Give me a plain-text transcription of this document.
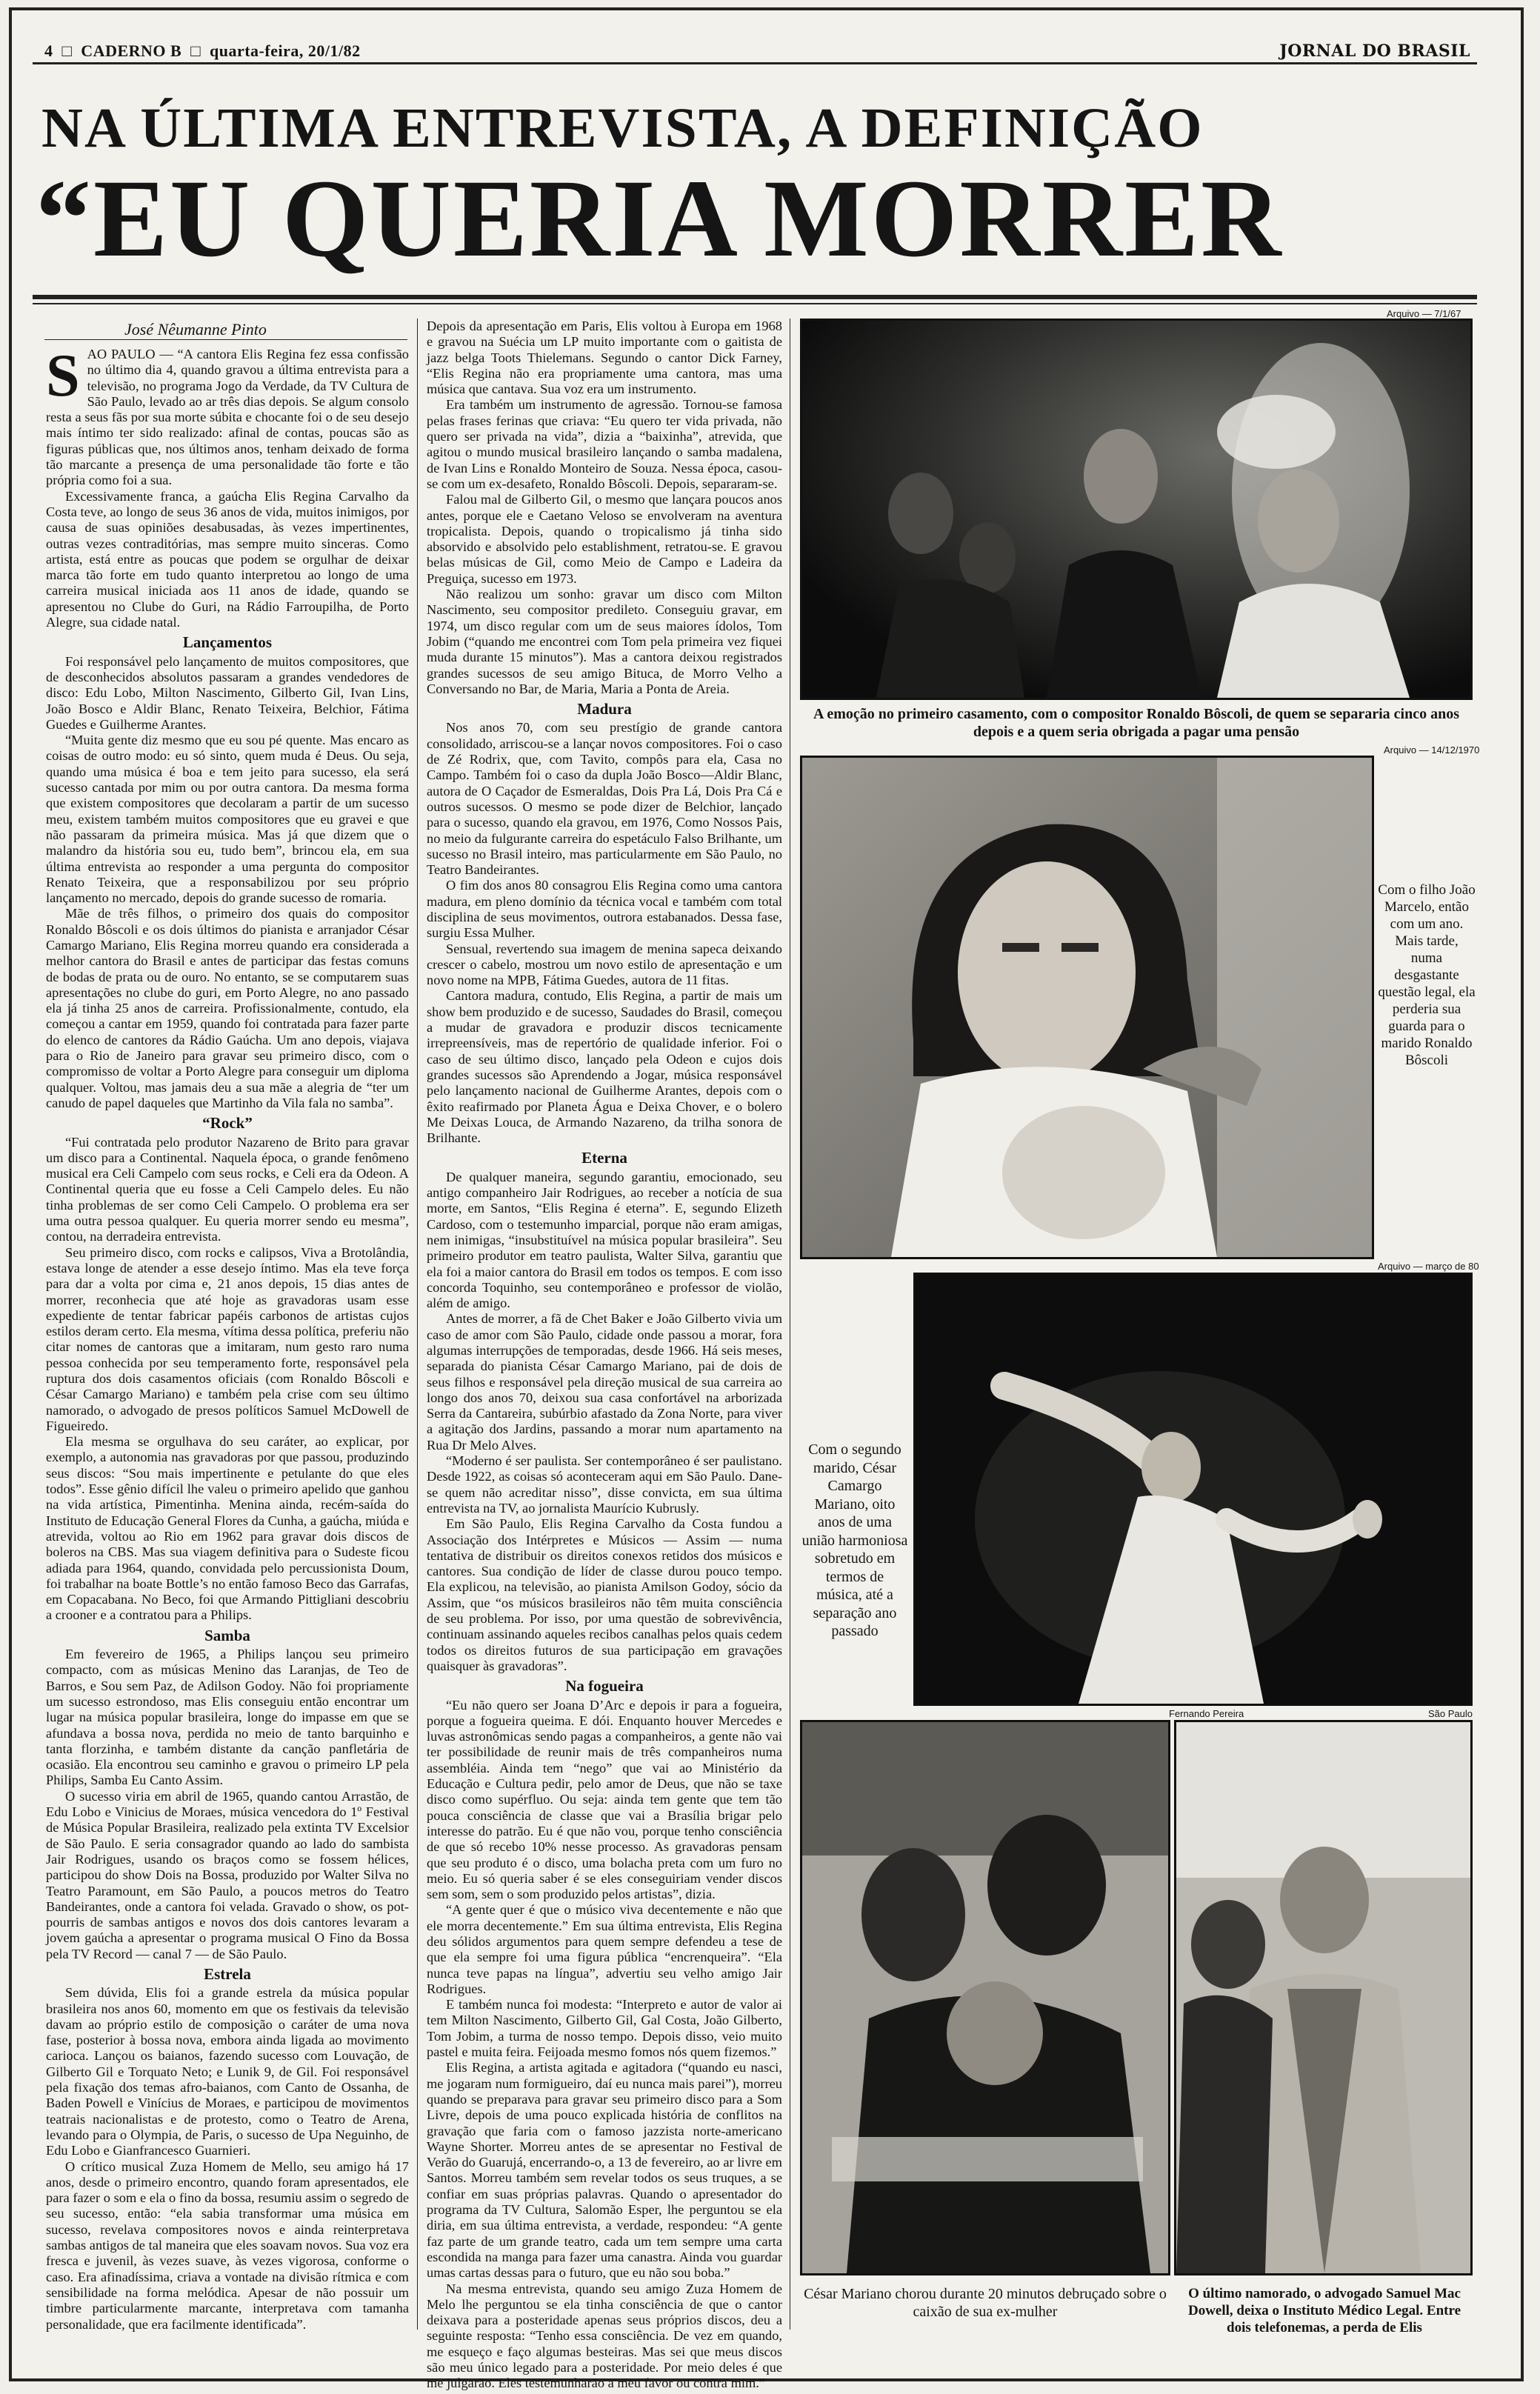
4  □  CADERNO B  □  quarta-feira, 20/1/82	JORNAL DO BRASIL
NA ÚLTIMA ENTREVISTA, A DEFINIÇÃO
“EU QUERIA MORRER
José Nêumanne Pinto

SAO PAULO — “A cantora Elis Regina fez essa confissão no último dia 4, quando gravou a última entrevista para a televisão, no programa Jogo da Verdade, da TV Cultura de São Paulo, levado ao ar três dias depois. Se algum consolo resta a seus fãs por sua morte súbita e chocante foi o de seu desejo mais íntimo ter sido realizado: afinal de contas, poucas são as figuras públicas que, nos últimos anos, tenham deixado de forma tão marcante a presença de uma personalidade tão forte e tão própria como foi a sua.

Excessivamente franca, a gaúcha Elis Regina Carvalho da Costa teve, ao longo de seus 36 anos de vida, muitos inimigos, por causa de suas opiniões desabusadas, às vezes impertinentes, outras vezes contraditórias, mas sempre muito sinceras. Como artista, está entre as poucas que podem se orgulhar de deixar marca tão forte em tudo quanto interpretou ao longo de uma carreira musical iniciada aos 11 anos de idade, quando se apresentou no Clube do Guri, na Rádio Farroupilha, de Porto Alegre, sua cidade natal.

Lançamentos

Foi responsável pelo lançamento de muitos compositores, que de desconhecidos absolutos passaram a grandes vendedores de disco: Edu Lobo, Milton Nascimento, Gilberto Gil, Ivan Lins, João Bosco e Aldir Blanc, Renato Teixeira, Belchior, Fátima Guedes e Guilherme Arantes.

“Muita gente diz mesmo que eu sou pé quente. Mas encaro as coisas de outro modo: eu só sinto, quem muda é Deus. Ou seja, quando uma música é boa e tem jeito para sucesso, ela será sucesso cantada por mim ou por outra cantora. Da mesma forma que existem compositores que decolaram a partir de um sucesso meu, existem também muitos compositores que eu gravei e que não passaram da primeira música. Mas já que dizem que o malandro da história sou eu, tudo bem”, brincou ela, em sua última entrevista ao responder a uma pergunta do compositor Renato Teixeira, que a responsabilizou por seu próprio lançamento no mercado, depois do grande sucesso de romaria.

Mãe de três filhos, o primeiro dos quais do compositor Ronaldo Bôscoli e os dois últimos do pianista e arranjador César Camargo Mariano, Elis Regina morreu quando era considerada a melhor cantora do Brasil e antes de participar das festas comuns de bodas de prata ou de ouro. No entanto, se se computarem suas apresentações no clube do guri, em Porto Alegre, no ano passado ela já tinha 25 anos de carreira. Profissionalmente, contudo, ela começou a cantar em 1959, quando foi contratada para fazer parte do elenco de cantores da Rádio Gaúcha. Um ano depois, viajava para o Rio de Janeiro para gravar seu primeiro disco, com o compromisso de voltar a Porto Alegre para conseguir um diploma qualquer. Voltou, mas jamais deu a sua mãe a alegria de “ter um canudo de papel daqueles que Martinho da Vila fala no samba”.

“Rock”

“Fui contratada pelo produtor Nazareno de Brito para gravar um disco para a Continental. Naquela época, o grande fenômeno musical era Celi Campelo com seus rocks, e Celi era da Odeon. A Continental queria que eu fosse a Celi Campelo deles. Eu não tinha problemas de ser como Celi Campelo. O problema era ser uma outra pessoa qualquer. Eu queria morrer sendo eu mesma”, contou, na derradeira entrevista.

Seu primeiro disco, com rocks e calipsos, Viva a Brotolândia, estava longe de atender a esse desejo íntimo. Mas ela teve força para dar a volta por cima e, 21 anos depois, 15 dias antes de morrer, reconhecia que até hoje as gravadoras usam esse expediente de tentar fabricar papéis carbonos de artistas cujos estilos deram certo. Ela mesma, vítima dessa política, preferiu não citar nomes de cantoras que a imitaram, num gesto raro numa pessoa conhecida por seu temperamento forte, responsável pela ruptura dos dois casamentos oficiais (com Ronaldo Bôscoli e César Camargo Mariano) e também pela crise com seu último namorado, o advogado de presos políticos Samuel McDowell de Figueiredo.

Ela mesma se orgulhava do seu caráter, ao explicar, por exemplo, a autonomia nas gravadoras por que passou, produzindo seus discos: “Sou mais impertinente e petulante do que eles todos”. Esse gênio difícil lhe valeu o primeiro apelido que ganhou na vida artística, Pimentinha. Menina ainda, recém-saída do Instituto de Educação General Flores da Cunha, a gaúcha, miúda e atrevida, voltou ao Rio em 1962 para gravar dois discos de boleros na CBS. Mas sua viagem definitiva para o Sudeste ficou adiada para 1964, quando, convidada pelo percussionista Doum, foi trabalhar na boate Bottle’s no então famoso Beco das Garrafas, em Copacabana. No Beco, foi que Armando Pittigliani descobriu a crooner e a contratou para a Philips.

Samba

Em fevereiro de 1965, a Philips lançou seu primeiro compacto, com as músicas Menino das Laranjas, de Teo de Barros, e Sou sem Paz, de Adilson Godoy. Não foi propriamente um sucesso estrondoso, mas Elis conseguiu então encontrar um lugar na música popular brasileira, longe do impasse em que se afundava a bossa nova, perdida no meio de tanto barquinho e tanta florzinha, e também distante da canção panfletária de ocasião. Ela encontrou seu caminho e gravou o primeiro LP pela Philips, Samba Eu Canto Assim.

O sucesso viria em abril de 1965, quando cantou Arrastão, de Edu Lobo e Vinicius de Moraes, música vencedora do 1º Festival de Música Popular Brasileira, realizado pela extinta TV Excelsior de São Paulo. E seria consagrador quando ao lado do sambista Jair Rodrigues, usando os braços como se fossem hélices, participou do show Dois na Bossa, produzido por Walter Silva no Teatro Paramount, em São Paulo, a poucos metros do Teatro Bandeirantes, onde a cantora foi velada. Gravado o show, os pot-pourris de sambas antigos e novos dos dois cantores levaram a jovem gaúcha a apresentar o programa musical O Fino da Bossa pela TV Record — canal 7 — de São Paulo.

Estrela

Sem dúvida, Elis foi a grande estrela da música popular brasileira nos anos 60, momento em que os festivais da televisão davam ao próprio estilo de composição o caráter de uma nova fase, posterior à bossa nova, embora ainda ligada ao movimento carioca. Lançou os baianos, fazendo sucesso com Louvação, de Gilberto Gil e Torquato Neto; e Lunik 9, de Gil. Foi responsável pela fixação dos temas afro-baianos, com Canto de Ossanha, de Baden Powell e Vinícius de Moraes, e participou de movimentos teatrais nacionalistas e de protesto, como o Teatro de Arena, levando para o Olympia, de Paris, o sucesso de Upa Neguinho, de Edu Lobo e Gianfrancesco Guarnieri.

O crítico musical Zuza Homem de Mello, seu amigo há 17 anos, desde o primeiro encontro, quando foram apresentados, ele para fazer o som e ela o fino da bossa, resumiu assim o segredo de seu sucesso, então: “ela sabia transformar uma música em sucesso, revelava compositores novos e ainda reinterpretava sambas antigos de tal maneira que eles soavam novos. Sua voz era fresca e juvenil, às vezes suave, às vezes vigorosa, conforme o caso. Era afinadíssima, criava a vontade na divisão rítmica e com sensibilidade na forma melódica. Apesar de não possuir um timbre particularmente marcante, interpretava com tamanha personalidade, que era facilmente identificada”.

Depois da apresentação em Paris, Elis voltou à Europa em 1968 e gravou na Suécia um LP muito importante com o gaitista de jazz belga Toots Thielemans. Segundo o cantor Dick Farney, “Elis Regina não era propriamente uma cantora, mas uma música que cantava. Sua voz era um instrumento.

Era também um instrumento de agressão. Tornou-se famosa pelas frases ferinas que criava: “Eu quero ter vida privada, não quero ser privada na vida”, dizia a “baixinha”, atrevida, que agitou o mundo musical brasileiro lançando o samba madalena, de Ivan Lins e Ronaldo Monteiro de Souza. Nessa época, casou-se com um ex-desafeto, Ronaldo Bôscoli. Depois, separaram-se.

Falou mal de Gilberto Gil, o mesmo que lançara poucos anos antes, porque ele e Caetano Veloso se envolveram na aventura tropicalista. Depois, quando o tropicalismo já tinha sido absorvido e absolvido pelo establishment, retratou-se. E gravou belas músicas de Gil, como Meio de Campo e Ladeira da Preguiça, sucesso em 1973.

Não realizou um sonho: gravar um disco com Milton Nascimento, seu compositor predileto. Conseguiu gravar, em 1974, um disco regular com um de seus maiores ídolos, Tom Jobim (“quando me encontrei com Tom pela primeira vez fiquei muda durante 15 minutos”). Mas a cantora deixou registrados grandes sucessos de seu amigo Bituca, de Morro Velho a Conversando no Bar, de Maria, Maria a Ponta de Areia.

Madura

Nos anos 70, com seu prestígio de grande cantora consolidado, arriscou-se a lançar novos compositores. Foi o caso de Zé Rodrix, que, com Tavito, compôs para ela, Casa no Campo. Também foi o caso da dupla João Bosco—Aldir Blanc, autora de O Caçador de Esmeraldas, Dois Pra Lá, Dois Pra Cá e outros sucessos. O mesmo se pode dizer de Belchior, lançado para o sucesso, quando ela gravou, em 1976, Como Nossos Pais, no meio da fulgurante carreira do espetáculo Falso Brilhante, um sucesso no Brasil inteiro, mas particularmente em São Paulo, no Teatro Bandeirantes.

O fim dos anos 80 consagrou Elis Regina como uma cantora madura, em pleno domínio da técnica vocal e também com total disciplina de seus movimentos, outrora estabanados. Dessa fase, surgiu Essa Mulher.

Sensual, revertendo sua imagem de menina sapeca deixando crescer o cabelo, mostrou um novo estilo de apresentação e um novo nome na MPB, Fátima Guedes, autora de 11 fitas.

Cantora madura, contudo, Elis Regina, a partir de mais um show bem produzido e de sucesso, Saudades do Brasil, começou a mudar de gravadora e produzir discos tecnicamente irrepreensíveis, mas de repertório de qualidade inferior. Foi o caso de seu último disco, lançado pela Odeon e cujos dois grandes sucessos são Aprendendo a Jogar, música responsável pelo lançamento nacional de Guilherme Arantes, depois com o êxito reafirmado por Planeta Água e Deixa Chover, e o bolero Me Deixas Louca, de Armando Nazareno, da trilha sonora de Brilhante.

Eterna

De qualquer maneira, segundo garantiu, emocionado, seu antigo companheiro Jair Rodrigues, ao receber a notícia de sua morte, em Santos, “Elis Regina é eterna”. E, segundo Elizeth Cardoso, com o testemunho imparcial, porque não eram amigas, nem inimigas, “insubstituível na música popular brasileira”. Seu primeiro produtor em teatro paulista, Walter Silva, garantiu que ela foi a maior cantora do Brasil em todos os tempos. E com isso concorda Toquinho, seu contemporâneo e professor de violão, além de amigo.

Antes de morrer, a fã de Chet Baker e João Gilberto vivia um caso de amor com São Paulo, cidade onde passou a morar, fora algumas interrupções de temporadas, desde 1966. Há seis meses, separada do pianista César Camargo Mariano, pai de dois de seus filhos e responsável pela direção musical de sua carreira ao longo dos anos 70, deixou sua casa confortável na arborizada Serra da Cantareira, subúrbio afastado da Zona Norte, para viver a agitação dos Jardins, passando a morar num apartamento na Rua Dr Melo Alves.

“Moderno é ser paulista. Ser contemporâneo é ser paulistano. Desde 1922, as coisas só aconteceram aqui em São Paulo. Dane-se quem não acreditar nisso”, disse convicta, em sua última entrevista na TV, ao jornalista Maurício Kubrusly.

Em São Paulo, Elis Regina Carvalho da Costa fundou a Associação dos Intérpretes e Músicos — Assim — numa tentativa de distribuir os direitos conexos retidos dos músicos e cantores. Sua condição de líder de classe durou pouco tempo. Ela explicou, na televisão, ao pianista Amilson Godoy, sócio da Assim, que “os músicos brasileiros não têm muita consciência de seu problema. Por isso, por uma questão de sobrevivência, continuam assinando aqueles recibos canalhas pelos quais cedem todos os direitos futuros de sua participação em gravações quaisquer às gravadoras”.

Na fogueira

“Eu não quero ser Joana D’Arc e depois ir para a fogueira, porque a fogueira queima. E dói. Enquanto houver Mercedes e luvas astronômicas sendo pagas a companheiros, a gente não vai ter possibilidade de reunir mais de três companheiros numa assembléia. Ainda tem “nego” que vai ao Ministério da Educação e Cultura pedir, pelo amor de Deus, que não se taxe disco como supérfluo. Ou seja: ainda tem gente que tem tão pouca consciência de classe que vai a Brasília brigar pelo interesse do patrão. Eu é que não vou, porque tenho consciência de que só recebo 10% nesse processo. As gravadoras pensam que seu produto é o disco, uma bolacha preta com um furo no meio. Eu só queria saber é se eles conseguiriam vender discos sem som, sem o som produzido pelos artistas”, dizia.

“A gente quer é que o músico viva decentemente e não que ele morra decentemente.” Em sua última entrevista, Elis Regina deu sólidos argumentos para quem sempre defendeu a tese de que ela sempre foi uma figura pública “encrenqueira”. “Ela nunca teve papas na língua”, advertiu seu velho amigo Jair Rodrigues.

E também nunca foi modesta: “Interpreto e autor de valor ai tem Milton Nascimento, Gilberto Gil, Gal Costa, João Gilberto, Tom Jobim, a turma de nosso tempo. Depois disso, veio muito pastel e muita feira. Feijoada mesmo fomos nós quem fizemos.”

Elis Regina, a artista agitada e agitadora (“quando eu nasci, me jogaram num formigueiro, daí eu nunca mais parei”), morreu quando se preparava para gravar seu primeiro disco para a Som Livre, depois de uma pouco explicada história de conflitos na gravação que faria com o famoso jazzista norte-americano Wayne Shorter. Morreu antes de se apresentar no Festival de Verão do Guarujá, encerrando-o, a 13 de fevereiro, ao ar livre em Santos. Morreu também sem revelar todos os seus truques, a se confiar em suas próprias palavras. Quando o apresentador do programa da TV Cultura, Salomão Esper, lhe perguntou se ela diria, em sua última entrevista, a verdade, respondeu: “A gente faz parte de um grande teatro, cada um tem sempre uma carta escondida na manga para fazer uma canastra. Ainda vou guardar umas cartas dessas para o futuro, que eu não sou boba.”

Na mesma entrevista, quando seu amigo Zuza Homem de Melo lhe perguntou se ela tinha consciência de que o cantor deixava para a posteridade apenas seus próprios discos, deu a seguinte resposta: “Tenho essa consciência. De vez em quando, me esqueço e faço algumas besteiras. Mas sei que meus discos são meu único legado para a posteridade. Por meio deles é que me julgarão. Eles testemunharão a meu favor ou contra mim.”

Arquivo — 7/1/67
A emoção no primeiro casamento, com o compositor Ronaldo Bôscoli, de quem se separaria cinco anos depois e a quem seria obrigada a pagar uma pensão
Arquivo — 14/12/1970
Com o filho João Marcelo, então com um ano. Mais tarde, numa desgastante questão legal, ela perderia sua guarda para o marido Ronaldo Bôscoli
Arquivo — março de 80
Com o segundo marido, César Camargo Mariano, oito anos de uma união harmoniosa sobretudo em termos de música, até a separação ano passado
Fernando Pereira
César Mariano chorou durante 20 minutos debruçado sobre o caixão de sua ex-mulher
São Paulo
O último namorado, o advogado Samuel Mac Dowell, deixa o Instituto Médico Legal. Entre dois telefonemas, a perda de Elis
